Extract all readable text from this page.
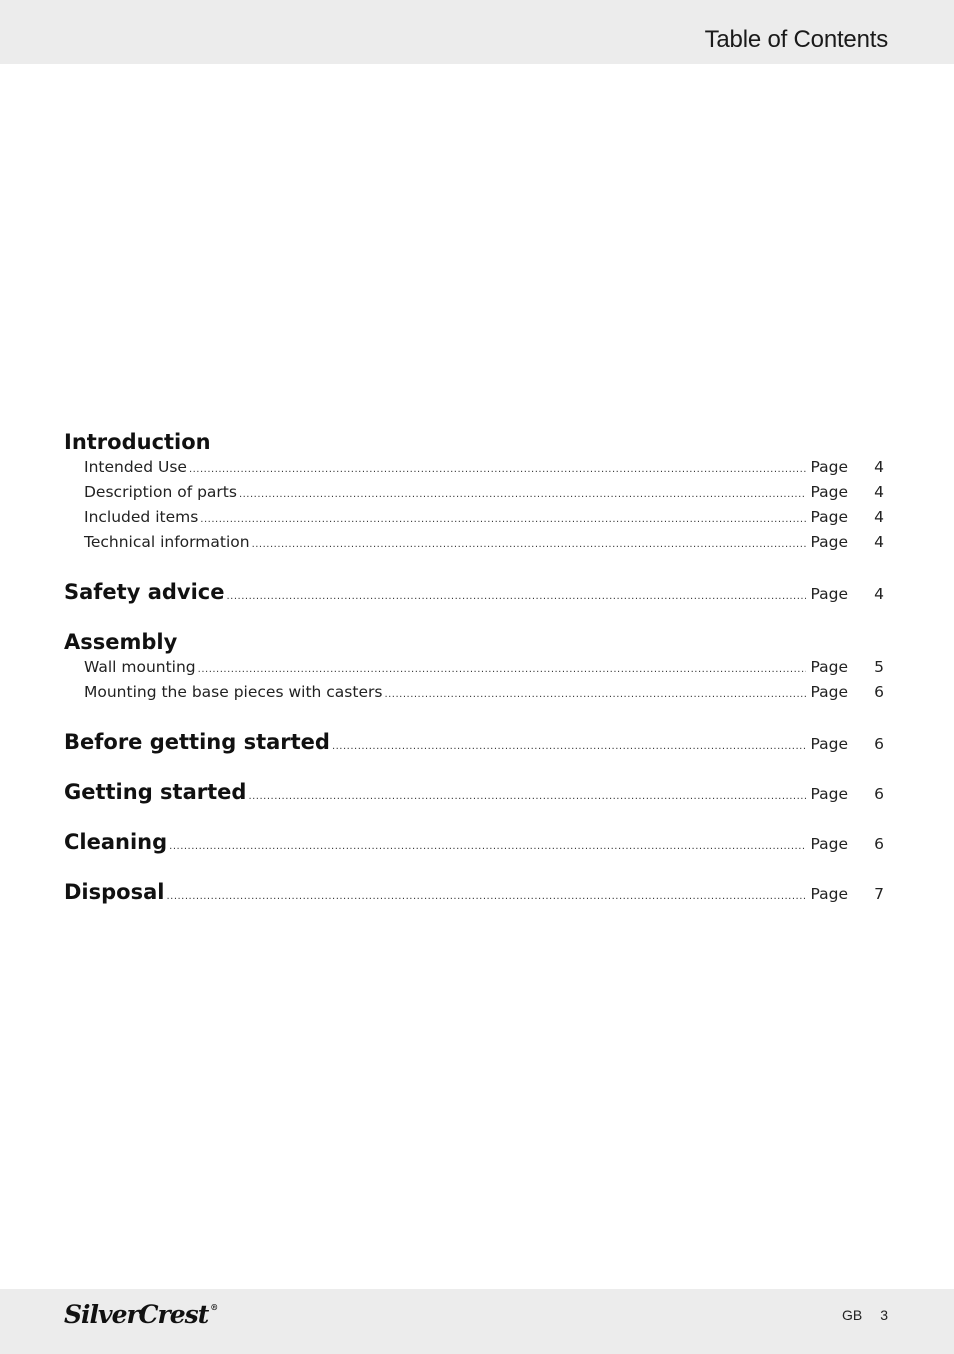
Table of Contents
Introduction
Intended Use .....	Page	4
Description of parts .....	Page	4
Included items .....	Page	4
Technical information .....	Page	4
Safety advice .....	Page	4
Assembly
Wall mounting .....	Page	5
Mounting the base pieces with casters .....	Page	6
Before getting started .....	Page	6
Getting started .....	Page	6
Cleaning .....	Page	6
Disposal .....	Page	7
SilverCrest ®	GB 3
